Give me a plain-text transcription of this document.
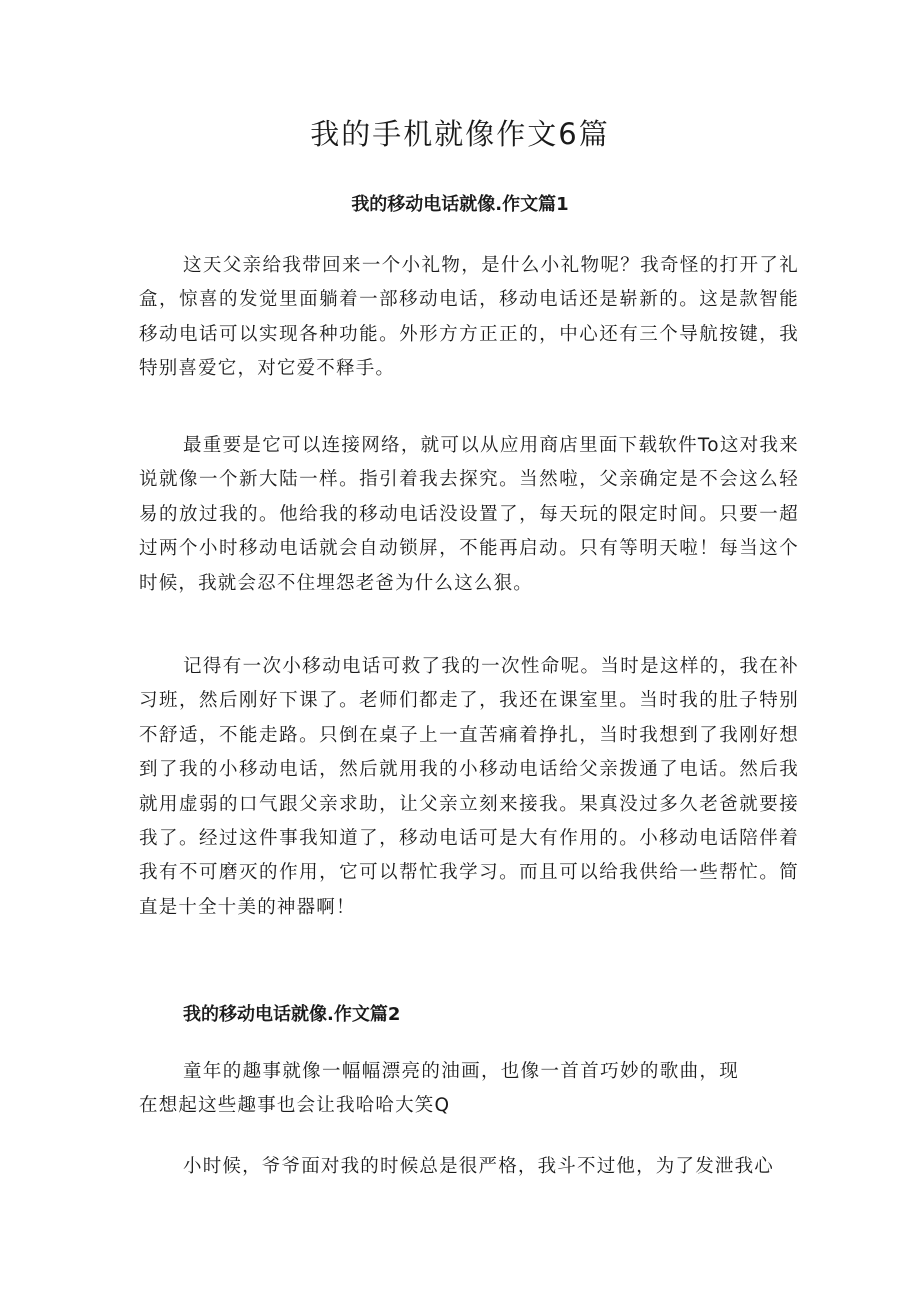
我的手机就像作文6篇
我的移动电话就像.作文篇1

这天父亲给我带回来一个小礼物，是什么小礼物呢？我奇怪的打开了礼盒，惊喜的发觉里面躺着一部移动电话，移动电话还是崭新的。这是款智能移动电话可以实现各种功能。外形方方正正的，中心还有三个导航按键，我特别喜爱它，对它爱不释手。

最重要是它可以连接网络，就可以从应用商店里面下载软件To这对我来说就像一个新大陆一样。指引着我去探究。当然啦，父亲确定是不会这么轻易的放过我的。他给我的移动电话没设置了，每天玩的限定时间。只要一超过两个小时移动电话就会自动锁屏，不能再启动。只有等明天啦！每当这个时候，我就会忍不住埋怨老爸为什么这么狠。

记得有一次小移动电话可救了我的一次性命呢。当时是这样的，我在补习班，然后刚好下课了。老师们都走了，我还在课室里。当时我的肚子特别不舒适，不能走路。只倒在桌子上一直苦痛着挣扎，当时我想到了我刚好想到了我的小移动电话，然后就用我的小移动电话给父亲拨通了电话。然后我就用虚弱的口气跟父亲求助，让父亲立刻来接我。果真没过多久老爸就要接我了。经过这件事我知道了，移动电话可是大有作用的。小移动电话陪伴着我有不可磨灭的作用，它可以帮忙我学习。而且可以给我供给一些帮忙。简直是十全十美的神器啊！

我的移动电话就像.作文篇2

童年的趣事就像一幅幅漂亮的油画，也像一首首巧妙的歌曲，现在想起这些趣事也会让我哈哈大笑Q

小时候，爷爷面对我的时候总是很严格，我斗不过他，为了发泄我心
